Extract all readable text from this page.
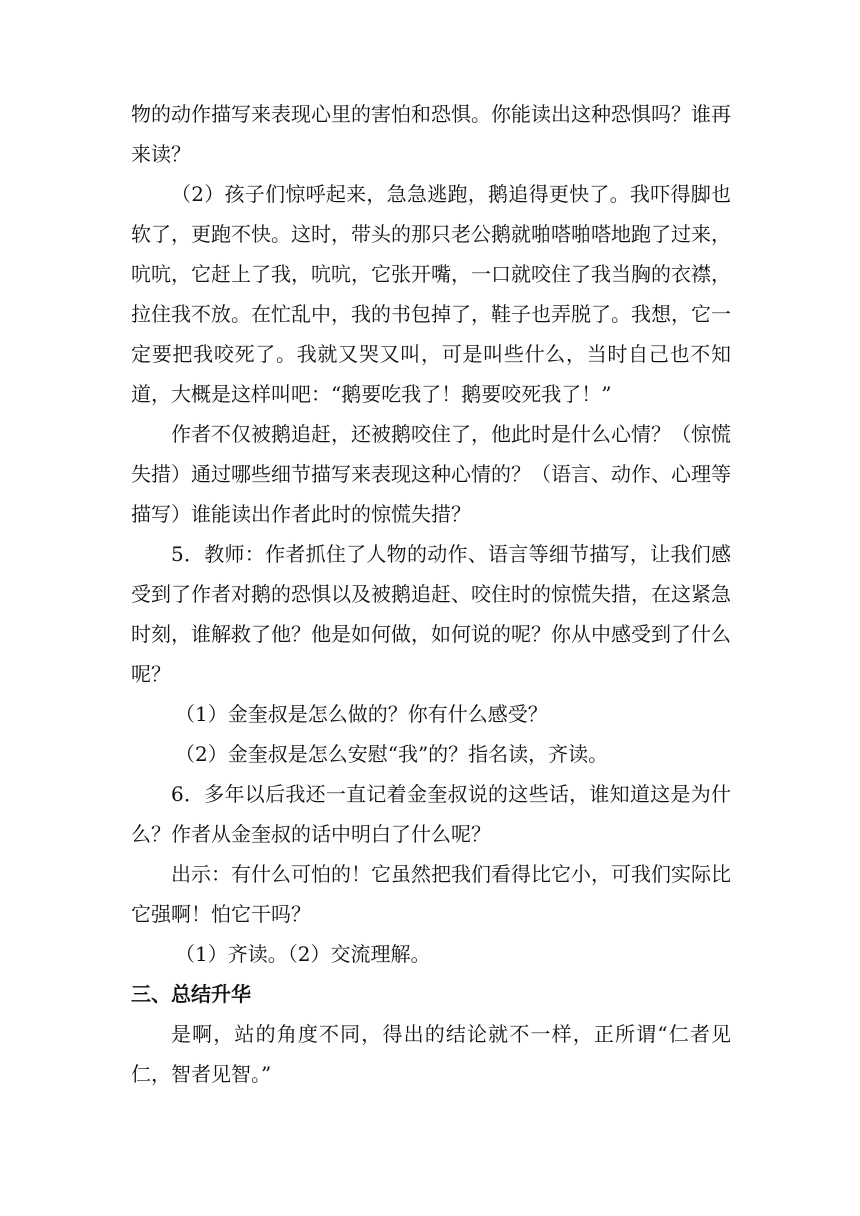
物的动作描写来表现心里的害怕和恐惧。你能读出这种恐惧吗？谁再来读？

（2）孩子们惊呼起来，急急逃跑，鹅追得更快了。我吓得脚也软了，更跑不快。这时，带头的那只老公鹅就啪嗒啪嗒地跑了过来，吭吭，它赶上了我，吭吭，它张开嘴，一口就咬住了我当胸的衣襟，拉住我不放。在忙乱中，我的书包掉了，鞋子也弄脱了。我想，它一定要把我咬死了。我就又哭又叫，可是叫些什么，当时自己也不知道，大概是这样叫吧：“鹅要吃我了！鹅要咬死我了！”

作者不仅被鹅追赶，还被鹅咬住了，他此时是什么心情？（惊慌失措）通过哪些细节描写来表现这种心情的？（语言、动作、心理等描写）谁能读出作者此时的惊慌失措？

5．教师：作者抓住了人物的动作、语言等细节描写，让我们感受到了作者对鹅的恐惧以及被鹅追赶、咬住时的惊慌失措，在这紧急时刻，谁解救了他？他是如何做，如何说的呢？你从中感受到了什么呢？

（1）金奎叔是怎么做的？你有什么感受？

（2）金奎叔是怎么安慰“我”的？指名读，齐读。

6．多年以后我还一直记着金奎叔说的这些话，谁知道这是为什么？作者从金奎叔的话中明白了什么呢？

出示：有什么可怕的！它虽然把我们看得比它小，可我们实际比它强啊！怕它干吗？

（1）齐读。（2）交流理解。

三、总结升华

是啊，站的角度不同，得出的结论就不一样，正所谓“仁者见仁，智者见智。”
